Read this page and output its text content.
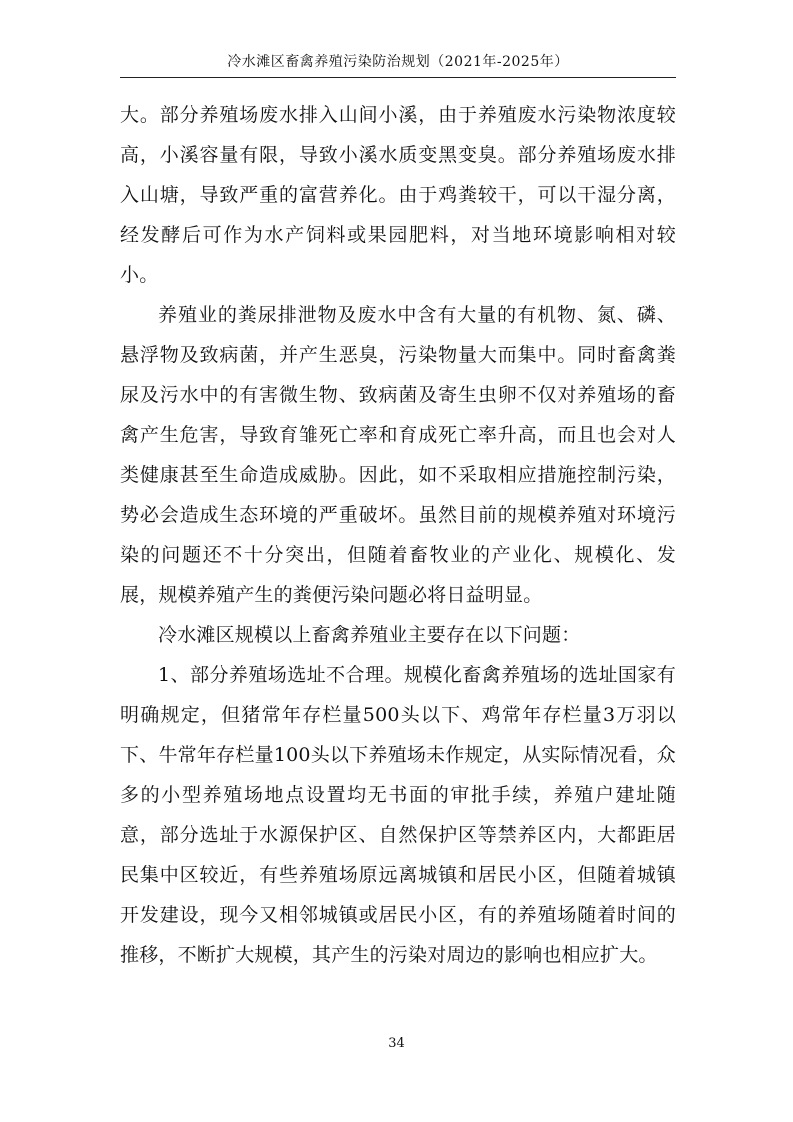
冷水滩区畜禽养殖污染防治规划（2021年-2025年）

大。部分养殖场废水排入山间小溪，由于养殖废水污染物浓度较高，小溪容量有限，导致小溪水质变黑变臭。部分养殖场废水排入山塘，导致严重的富营养化。由于鸡粪较干，可以干湿分离，经发酵后可作为水产饲料或果园肥料，对当地环境影响相对较小。

养殖业的粪尿排泄物及废水中含有大量的有机物、氮、磷、悬浮物及致病菌，并产生恶臭，污染物量大而集中。同时畜禽粪尿及污水中的有害微生物、致病菌及寄生虫卵不仅对养殖场的畜禽产生危害，导致育雏死亡率和育成死亡率升高，而且也会对人类健康甚至生命造成威胁。因此，如不采取相应措施控制污染，势必会造成生态环境的严重破坏。虽然目前的规模养殖对环境污染的问题还不十分突出，但随着畜牧业的产业化、规模化、发展，规模养殖产生的粪便污染问题必将日益明显。

冷水滩区规模以上畜禽养殖业主要存在以下问题：

1、部分养殖场选址不合理。规模化畜禽养殖场的选址国家有明确规定，但猪常年存栏量500头以下、鸡常年存栏量3万羽以下、牛常年存栏量100头以下养殖场未作规定，从实际情况看，众多的小型养殖场地点设置均无书面的审批手续，养殖户建址随意，部分选址于水源保护区、自然保护区等禁养区内，大都距居民集中区较近，有些养殖场原远离城镇和居民小区，但随着城镇开发建设，现今又相邻城镇或居民小区，有的养殖场随着时间的推移，不断扩大规模，其产生的污染对周边的影响也相应扩大。

34
